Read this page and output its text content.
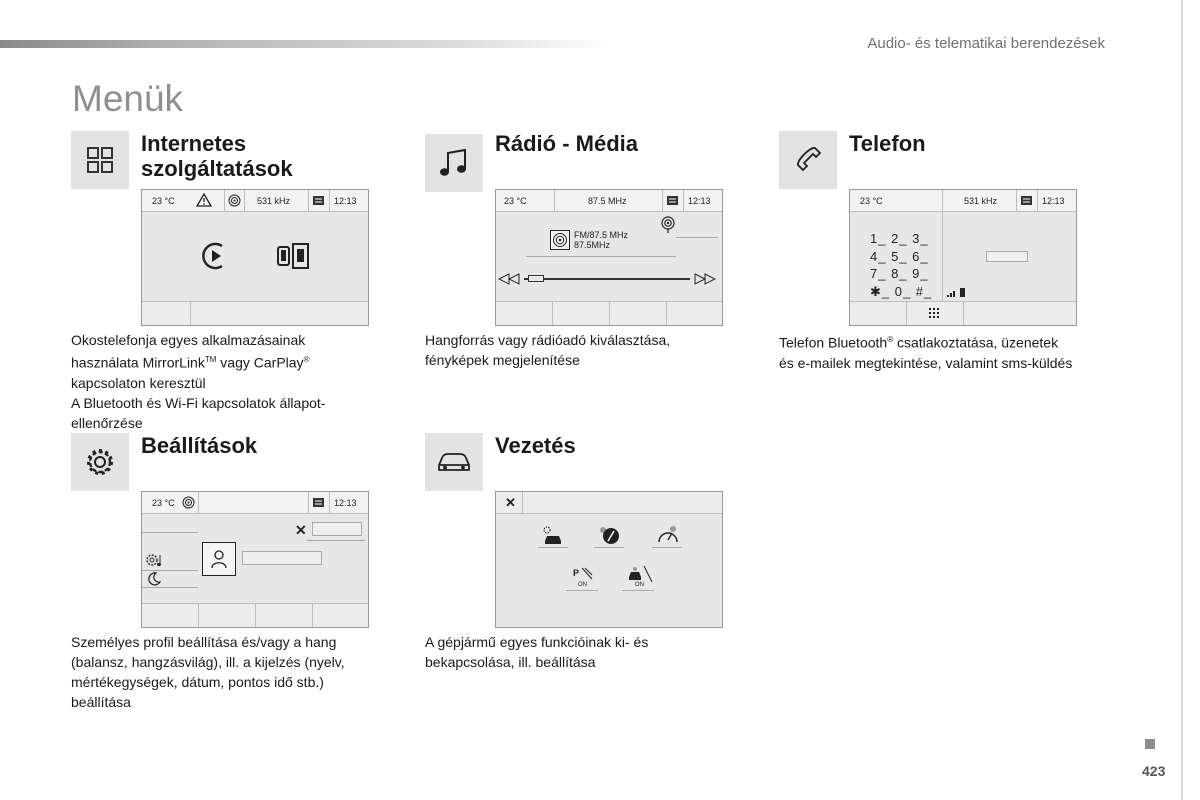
Audio- és telematikai berendezések
Menük
Internetes
szolgáltatások
23 °C	531 kHz	12:13

Okostelefonja egyes alkalmazásainak

használata MirrorLink™ vagy CarPlay®

kapcsolaton keresztül

A Bluetooth és Wi-Fi kapcsolatok állapot-

ellenőrzése

Rádió - Média
23 °C	87.5 MHz	12:13
FM/87.5 MHz
87.5MHz

Hangforrás vagy rádióadó kiválasztása,

fényképek megjelenítése

Telefon
23 °C	531 kHz	12:13
1_ 2_ 3_
4_ 5_ 6_
7_ 8_ 9_
✱_ 0_ #_

Telefon Bluetooth® csatlakoztatása, üzenetek

és e-mailek megtekintése, valamint sms-küldés

Beállítások
23 °C	12:13
✕

Személyes profil beállítása és/vagy a hang

(balansz, hangzásvilág), ill. a kijelzés (nyelv,

mértékegységek, dátum, pontos idő stb.)

beállítása

Vezetés
✕
P
ON	ON

A gépjármű egyes funkcióinak ki- és

bekapcsolása, ill. beállítása

423
